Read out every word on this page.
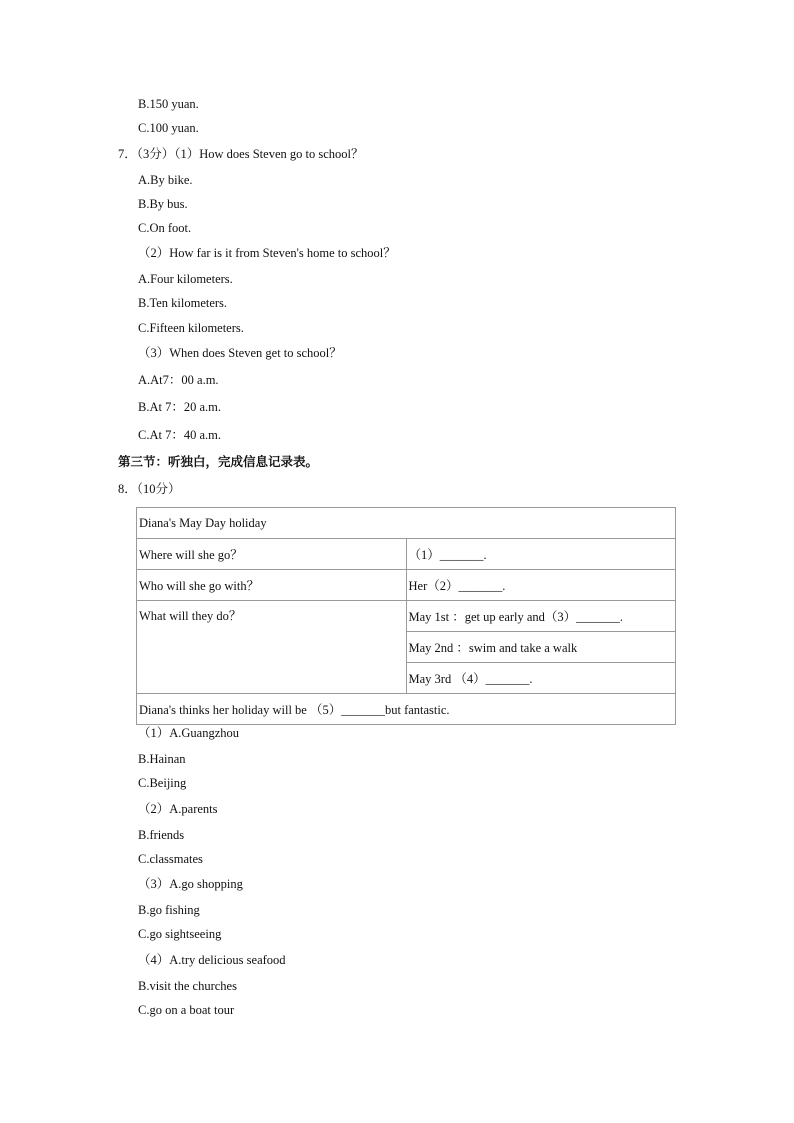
B.150 yuan.
C.100 yuan.
7．（3分）（1）How does Steven go to school？
A.By bike.
B.By bus.
C.On foot.
（2）How far is it from Steven's home to school？
A.Four kilometers.
B.Ten kilometers.
C.Fifteen kilometers.
（3）When does Steven get to school？
A.At7：00 a.m.
B.At 7：20 a.m.
C.At 7：40 a.m.
第三节：听独白，完成信息记录表。
8．（10分）
Diana's May Day holiday	
Where will she go？	（1）_______.
Who will she go with？	Her（2）_______.
What will they do？	May 1st ：get up early and（3）_______.
	May 2nd ：swim and take a walk
	May 3rd （4）_______.
Diana's thinks her holiday will be （5）_______but fantastic.	
（1）A.Guangzhou
B.Hainan
C.Beijing
（2）A.parents
B.friends
C.classmates
（3）A.go shopping
B.go fishing
C.go sightseeing
（4）A.try delicious seafood
B.visit the churches
C.go on a boat tour
